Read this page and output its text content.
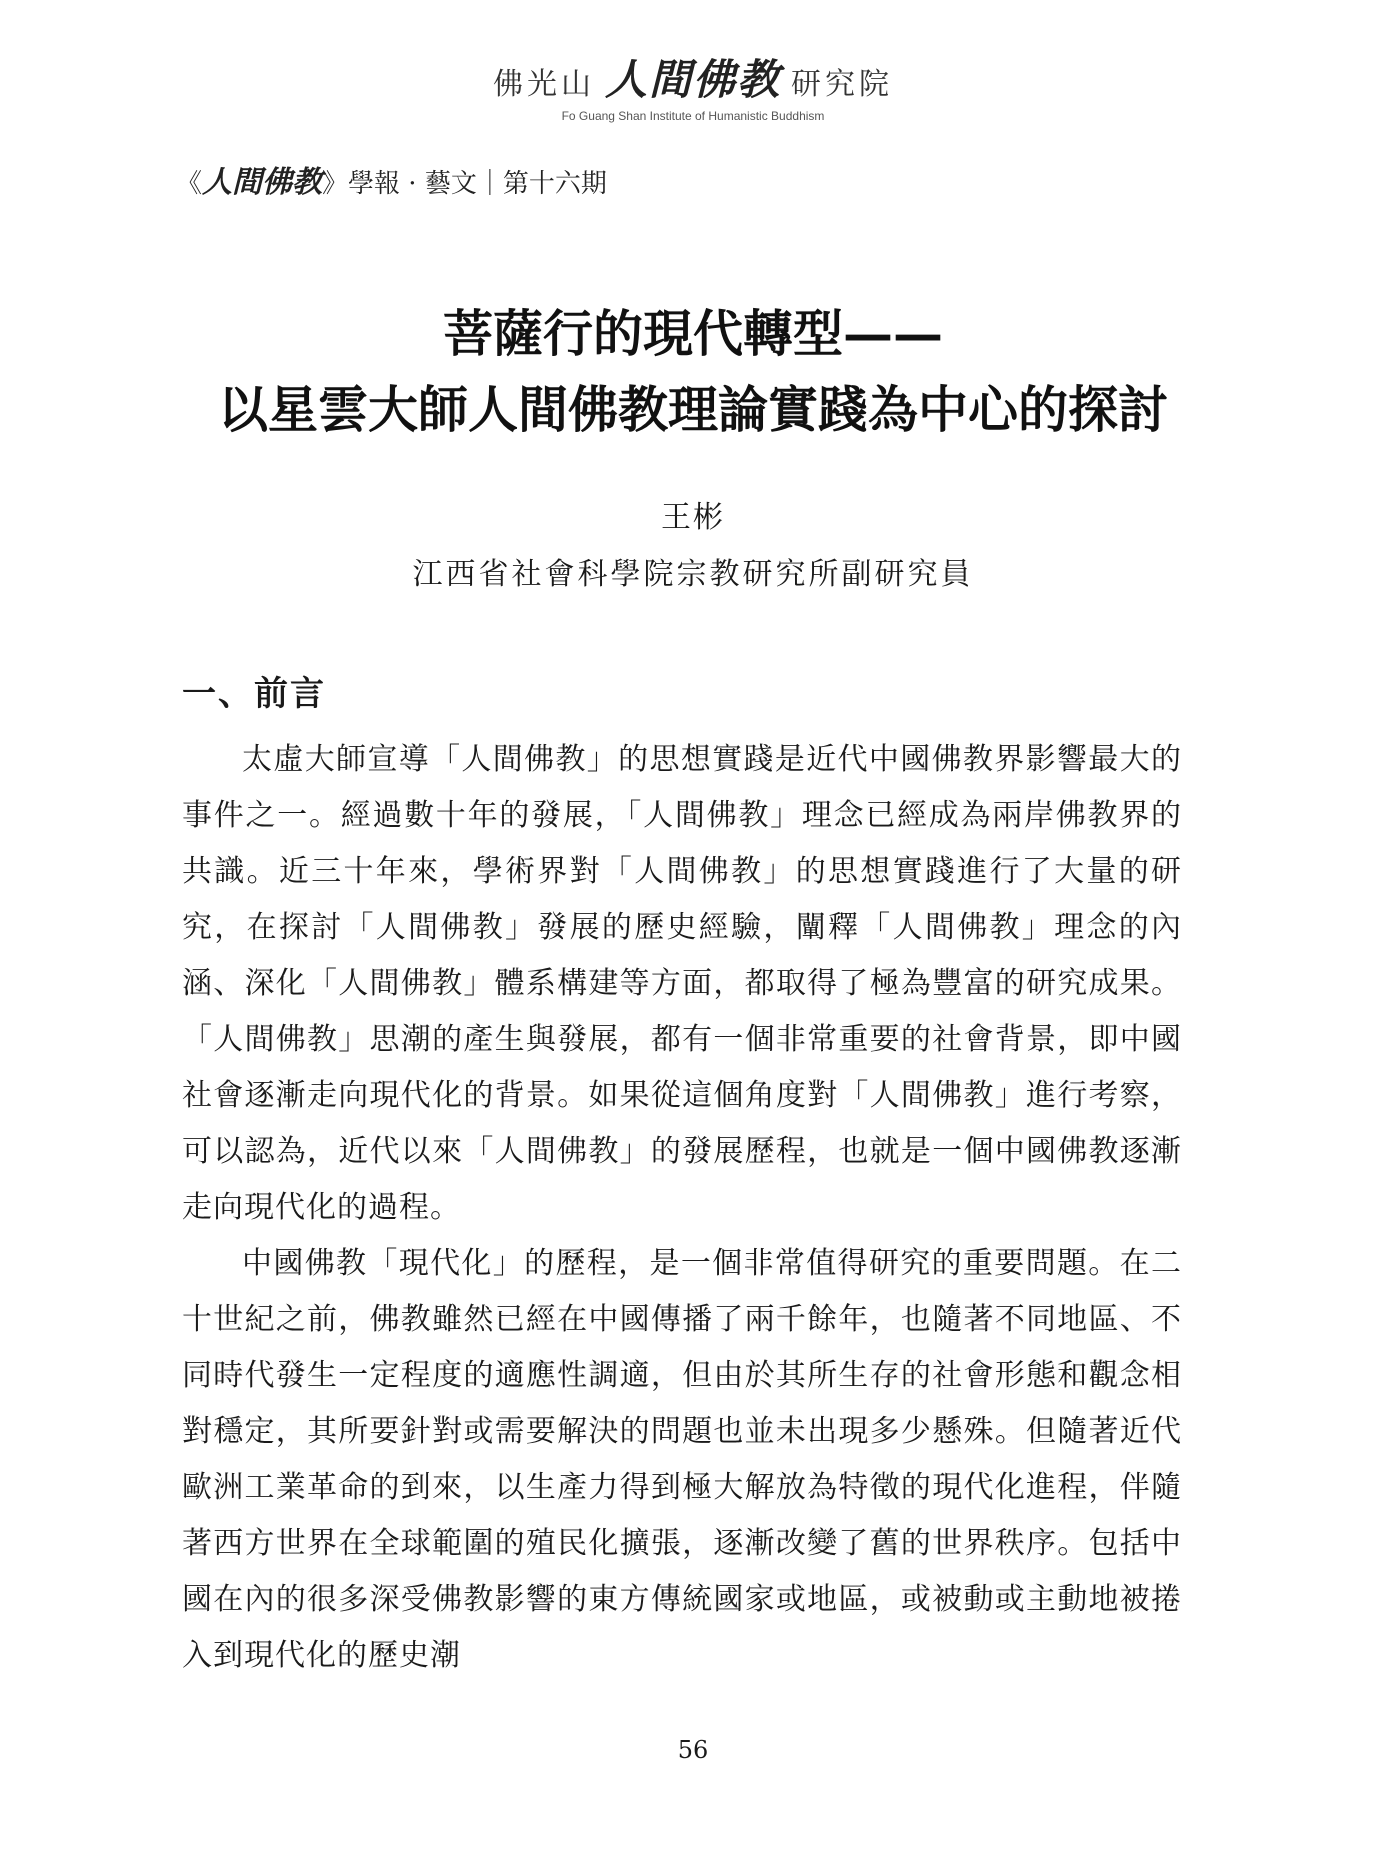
佛光山 人間佛教 研究院
Fo Guang Shan Institute of Humanistic Buddhism
《人間佛教》學報 · 藝文｜第十六期
菩薩行的現代轉型——
以星雲大師人間佛教理論實踐為中心的探討
王彬
江西省社會科學院宗教研究所副研究員
一、前言

太虛大師宣導「人間佛教」的思想實踐是近代中國佛教界影響最大的事件之一。經過數十年的發展，「人間佛教」理念已經成為兩岸佛教界的共識。近三十年來，學術界對「人間佛教」的思想實踐進行了大量的研究，在探討「人間佛教」發展的歷史經驗，闡釋「人間佛教」理念的內涵、深化「人間佛教」體系構建等方面，都取得了極為豐富的研究成果。「人間佛教」思潮的產生與發展，都有一個非常重要的社會背景，即中國社會逐漸走向現代化的背景。如果從這個角度對「人間佛教」進行考察，可以認為，近代以來「人間佛教」的發展歷程，也就是一個中國佛教逐漸走向現代化的過程。

中國佛教「現代化」的歷程，是一個非常值得研究的重要問題。在二十世紀之前，佛教雖然已經在中國傳播了兩千餘年，也隨著不同地區、不同時代發生一定程度的適應性調適，但由於其所生存的社會形態和觀念相對穩定，其所要針對或需要解決的問題也並未出現多少懸殊。但隨著近代歐洲工業革命的到來，以生產力得到極大解放為特徵的現代化進程，伴隨著西方世界在全球範圍的殖民化擴張，逐漸改變了舊的世界秩序。包括中國在內的很多深受佛教影響的東方傳統國家或地區，或被動或主動地被捲入到現代化的歷史潮

56
